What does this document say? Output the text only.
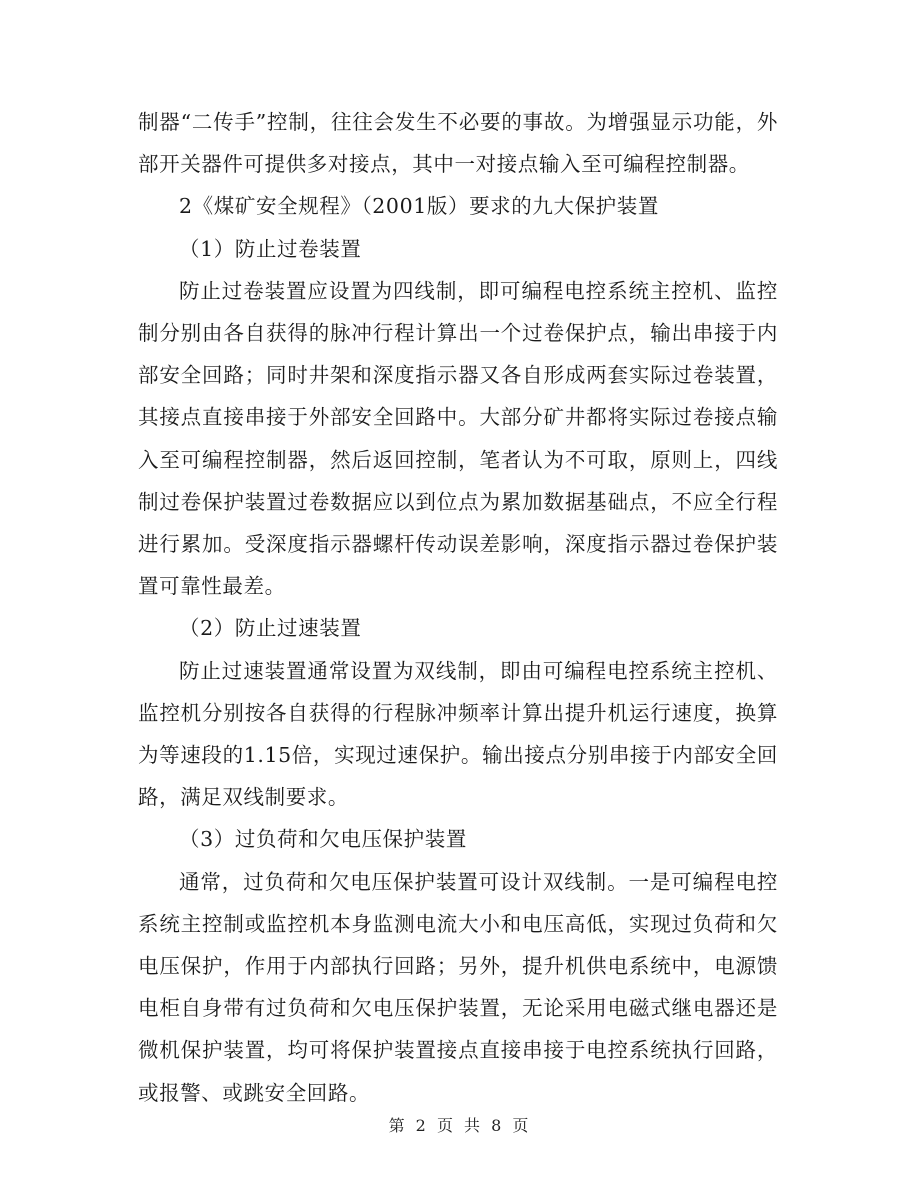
制器“二传手”控制，往往会发生不必要的事故。为增强显示功能，外部开关器件可提供多对接点，其中一对接点输入至可编程控制器。

2《煤矿安全规程》（2001版）要求的九大保护装置

（1）防止过卷装置

防止过卷装置应设置为四线制，即可编程电控系统主控机、监控制分别由各自获得的脉冲行程计算出一个过卷保护点，输出串接于内部安全回路；同时井架和深度指示器又各自形成两套实际过卷装置，其接点直接串接于外部安全回路中。大部分矿井都将实际过卷接点输入至可编程控制器，然后返回控制，笔者认为不可取，原则上，四线制过卷保护装置过卷数据应以到位点为累加数据基础点，不应全行程进行累加。受深度指示器螺杆传动误差影响，深度指示器过卷保护装置可靠性最差。

（2）防止过速装置

防止过速装置通常设置为双线制，即由可编程电控系统主控机、监控机分别按各自获得的行程脉冲频率计算出提升机运行速度，换算为等速段的1.15倍，实现过速保护。输出接点分别串接于内部安全回路，满足双线制要求。

（3）过负荷和欠电压保护装置

通常，过负荷和欠电压保护装置可设计双线制。一是可编程电控系统主控制或监控机本身监测电流大小和电压高低，实现过负荷和欠电压保护，作用于内部执行回路；另外，提升机供电系统中，电源馈电柜自身带有过负荷和欠电压保护装置，无论采用电磁式继电器还是微机保护装置，均可将保护装置接点直接串接于电控系统执行回路，或报警、或跳安全回路。

第 2 页 共 8 页
